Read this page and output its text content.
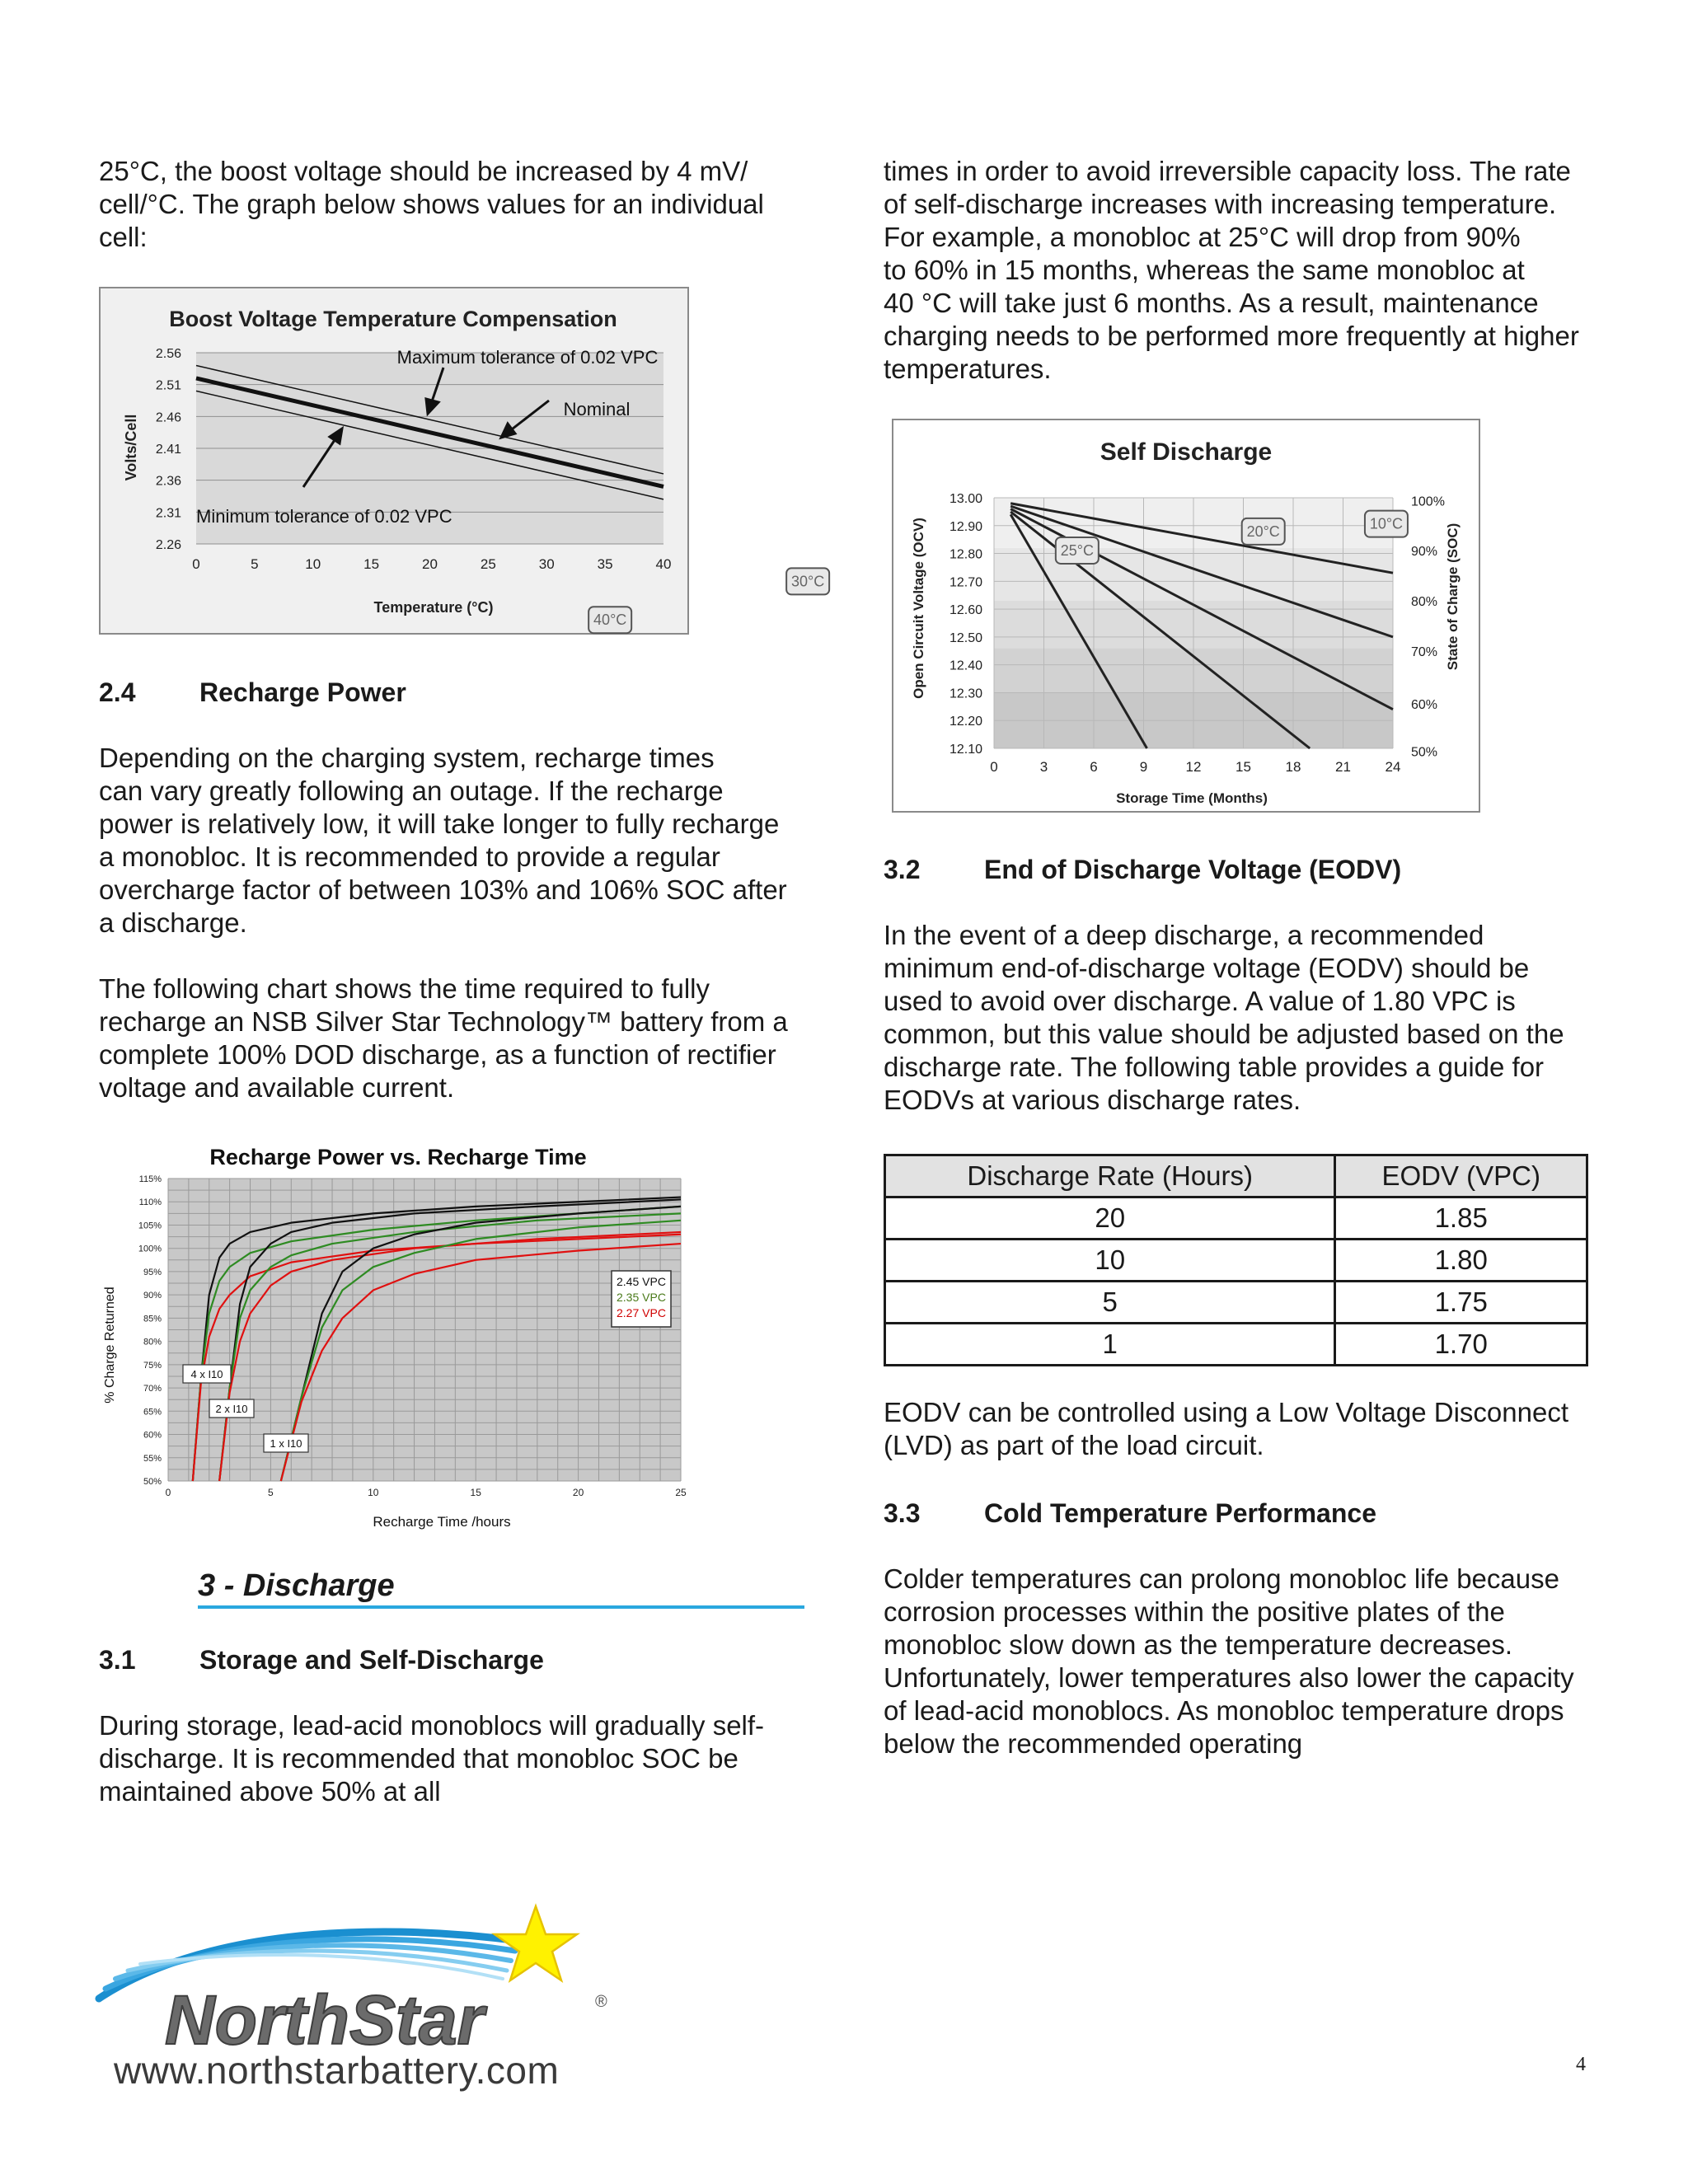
25°C, the boost voltage should be increased by 4 mV/

cell/°C. The graph below shows values for an individual

cell:

Boost Voltage Temperature Compensation
2.26
2.31
2.36
2.41
2.46
2.51
2.56
0	5	10	15	20	25	30	35	40
Temperature (°C)
Volts/Cell
Maximum tolerance of 0.02 VPC
Nominal
Minimum tolerance of 0.02 VPC
2.4 Recharge Power

Depending on the charging system, recharge times

can vary greatly following an outage. If the recharge

power is relatively low, it will take longer to fully recharge

a monobloc. It is recommended to provide a regular

overcharge factor of between 103% and 106% SOC after

a discharge.

The following chart shows the time required to fully

recharge an NSB Silver Star Technology™ battery from a

complete 100% DOD discharge, as a function of rectifier

voltage and available current.

Recharge Power vs. Recharge Time
50%
55%
60%
65%
70%
75%
80%
85%
90%
95%
100%
105%
110%
115%
0	5	10	15	20	25
Recharge Time /hours
% Charge Returned
2.45 VPC
2.35 VPC
2.27 VPC
4 x I10
2 x I10
1 x I10
3 - Discharge
3.1 Storage and Self-Discharge

During storage, lead-acid monoblocs will gradually self-

discharge. It is recommended that monobloc SOC be

maintained above 50% at all

times in order to avoid irreversible capacity loss. The rate

of self-discharge increases with increasing temperature.

For example, a monobloc at 25°C will drop from 90%

to 60% in 15 months, whereas the same monobloc at

40 °C will take just 6 months. As a result, maintenance

charging needs to be performed more frequently at higher

temperatures.

Self Discharge
12.10
12.20
12.30
12.40
12.50
12.60
12.70
12.80
12.90
13.00
0	3	6	9	12 15 18 21 24
100%
90%
80%
70%
60%
50%
10°C
20°C
25°C
30°C
40°C
Storage Time (Months)
Open Circuit Voltage (OCV)	State of Charge (SOC)
3.2 End of Discharge Voltage (EODV)

In the event of a deep discharge, a recommended

minimum end-of-discharge voltage (EODV) should be

used to avoid over discharge. A value of 1.80 VPC is

common, but this value should be adjusted based on the

discharge rate. The following table provides a guide for

EODVs at various discharge rates.

Discharge Rate (Hours)	EODV (VPC)
20	1.85
10	1.80
5	1.75
1	1.70

EODV can be controlled using a Low Voltage Disconnect

(LVD) as part of the load circuit.

3.3 Cold Temperature Performance

Colder temperatures can prolong monobloc life because

corrosion processes within the positive plates of the

monobloc slow down as the temperature decreases.

Unfortunately, lower temperatures also lower the capacity

of lead-acid monoblocs. As monobloc temperature drops

below the recommended operating

NorthStar	®
www.northstarbattery.com	4
